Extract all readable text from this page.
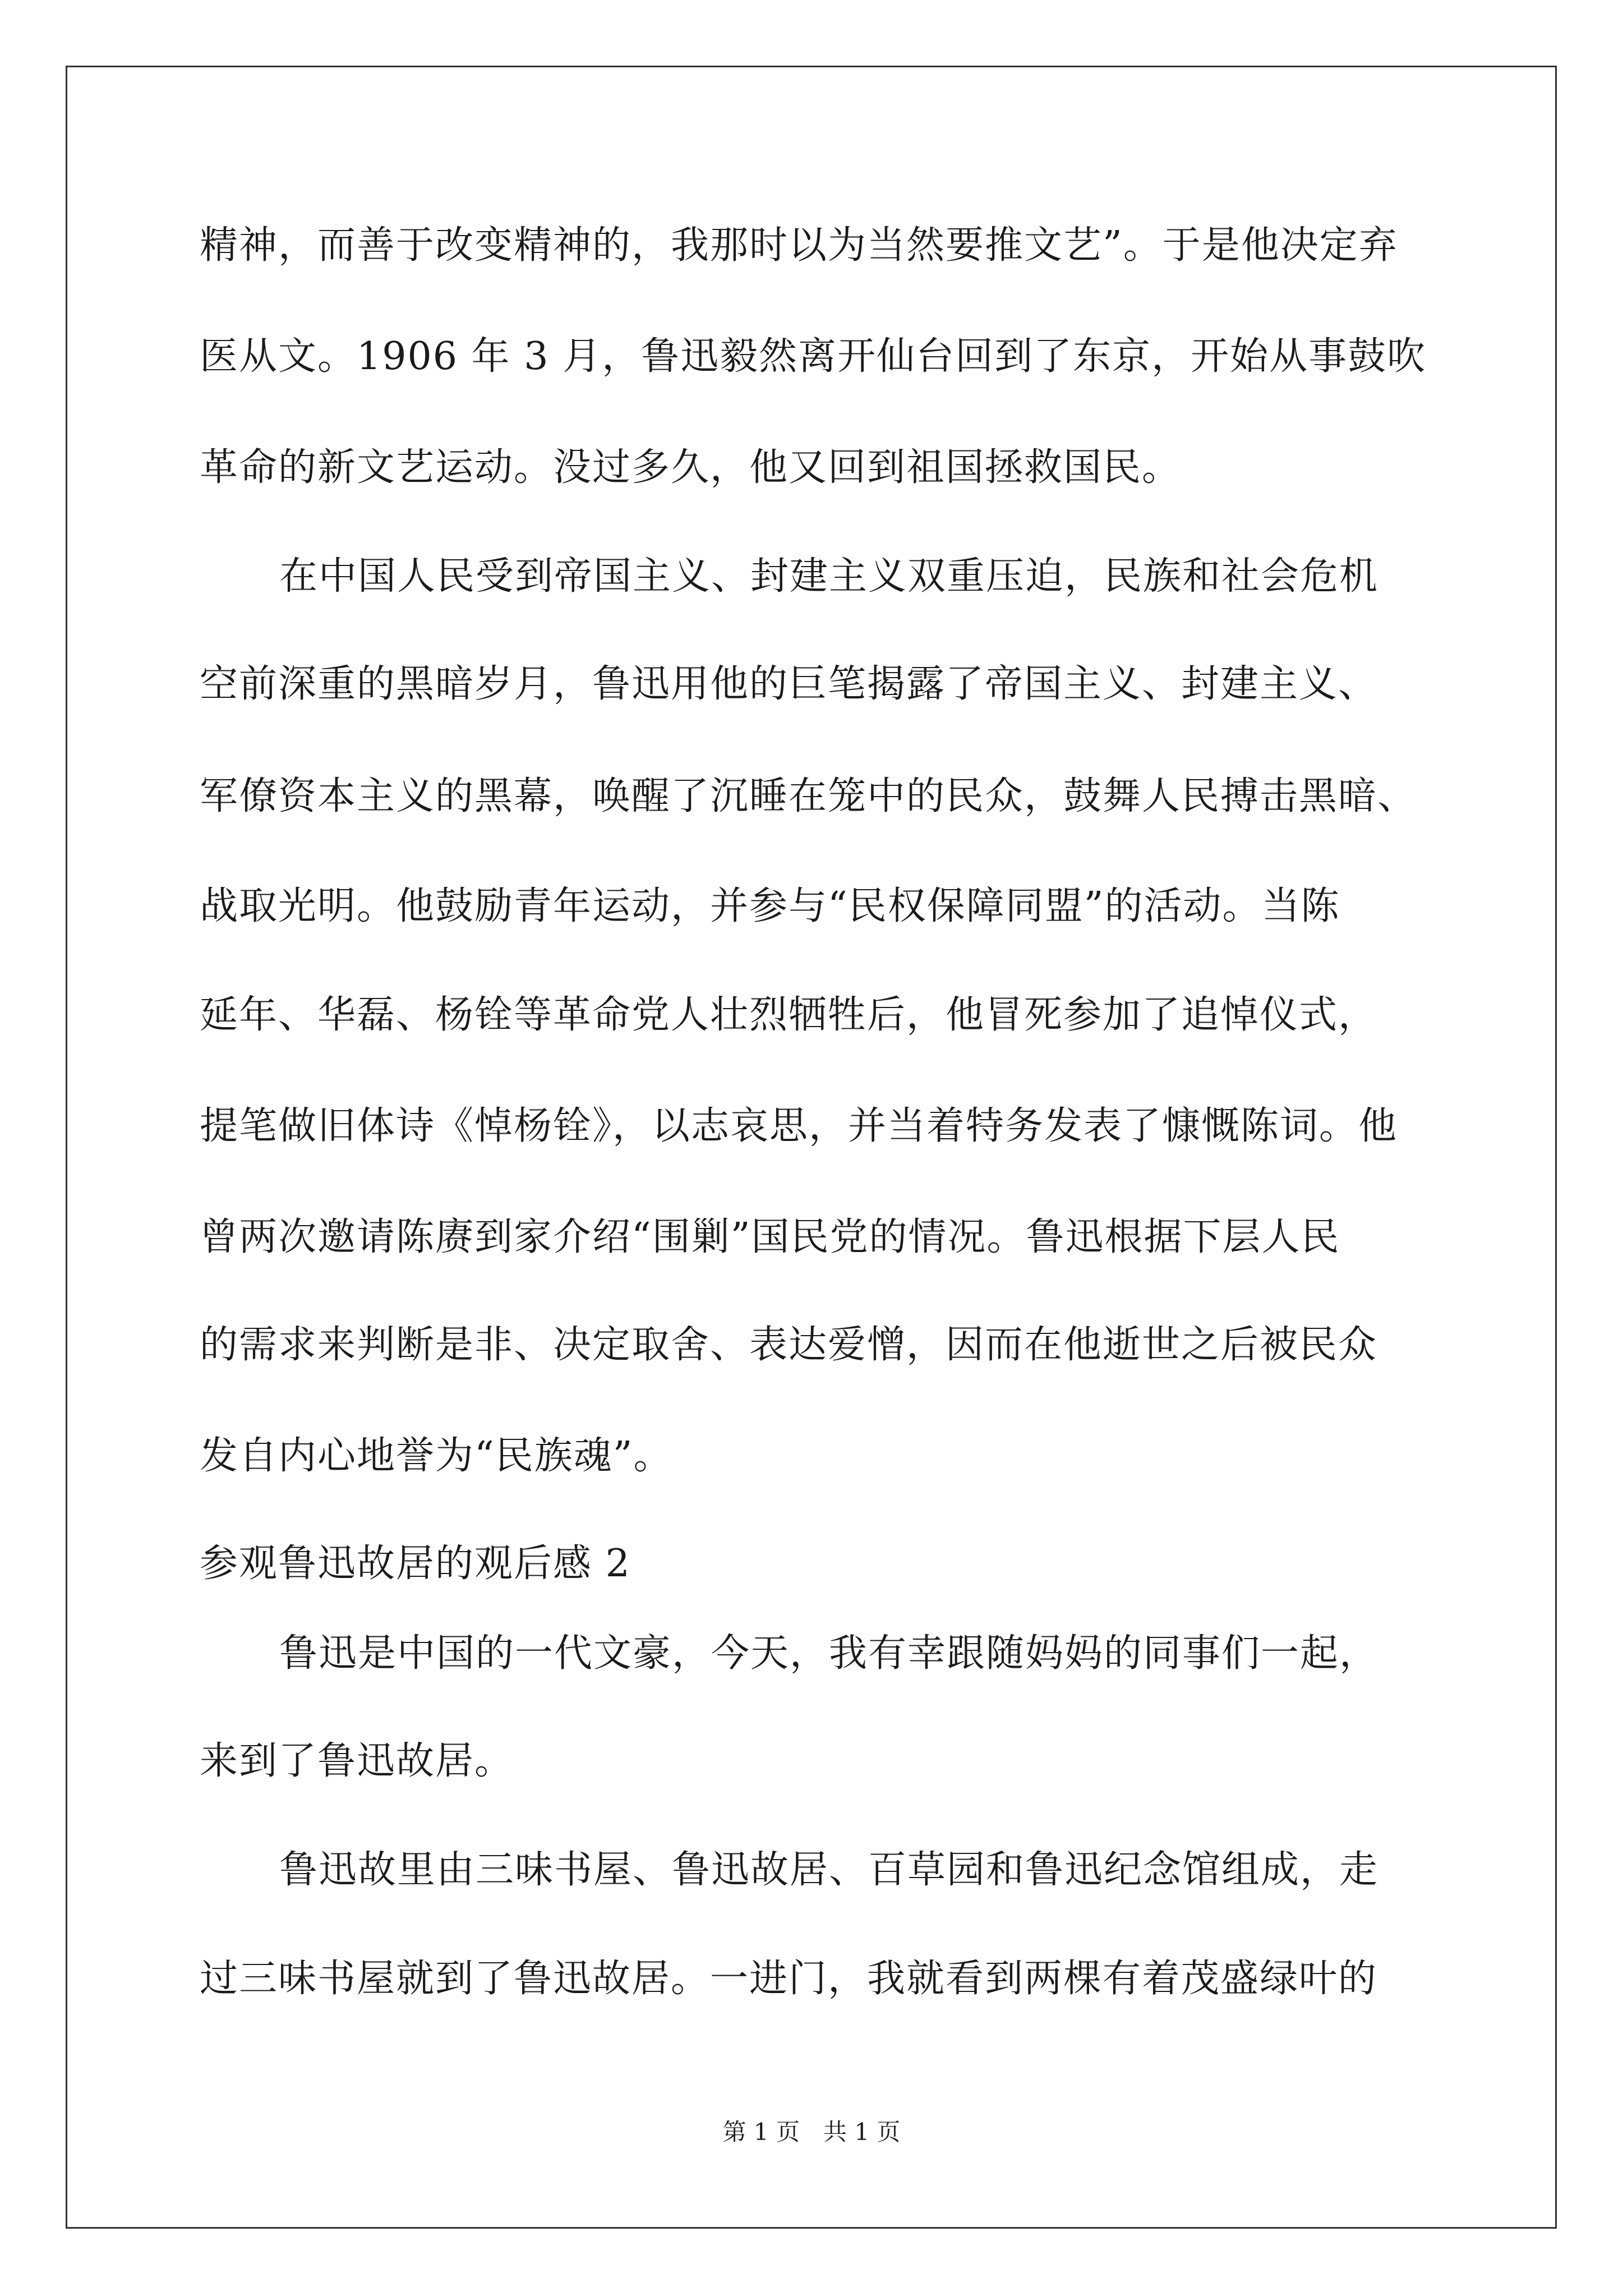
精神，而善于改变精神的，我那时以为当然要推文艺”。于是他决定弃
医从文。1906 年 3 月，鲁迅毅然离开仙台回到了东京，开始从事鼓吹
革命的新文艺运动。没过多久，他又回到祖国拯救国民。
在中国人民受到帝国主义、封建主义双重压迫，民族和社会危机
空前深重的黑暗岁月，鲁迅用他的巨笔揭露了帝国主义、封建主义、
军僚资本主义的黑幕，唤醒了沉睡在笼中的民众，鼓舞人民搏击黑暗、
战取光明。他鼓励青年运动，并参与“民权保障同盟”的活动。当陈
延年、华磊、杨铨等革命党人壮烈牺牲后，他冒死参加了追悼仪式，
提笔做旧体诗《悼杨铨》，以志哀思，并当着特务发表了慷慨陈词。他
曾两次邀请陈赓到家介绍“围剿”国民党的情况。鲁迅根据下层人民
的需求来判断是非、决定取舍、表达爱憎，因而在他逝世之后被民众
发自内心地誉为“民族魂”。
参观鲁迅故居的观后感 2
鲁迅是中国的一代文豪，今天，我有幸跟随妈妈的同事们一起，
来到了鲁迅故居。
鲁迅故里由三味书屋、鲁迅故居、百草园和鲁迅纪念馆组成，走
过三味书屋就到了鲁迅故居。一进门，我就看到两棵有着茂盛绿叶的
第 1 页　共 1 页
